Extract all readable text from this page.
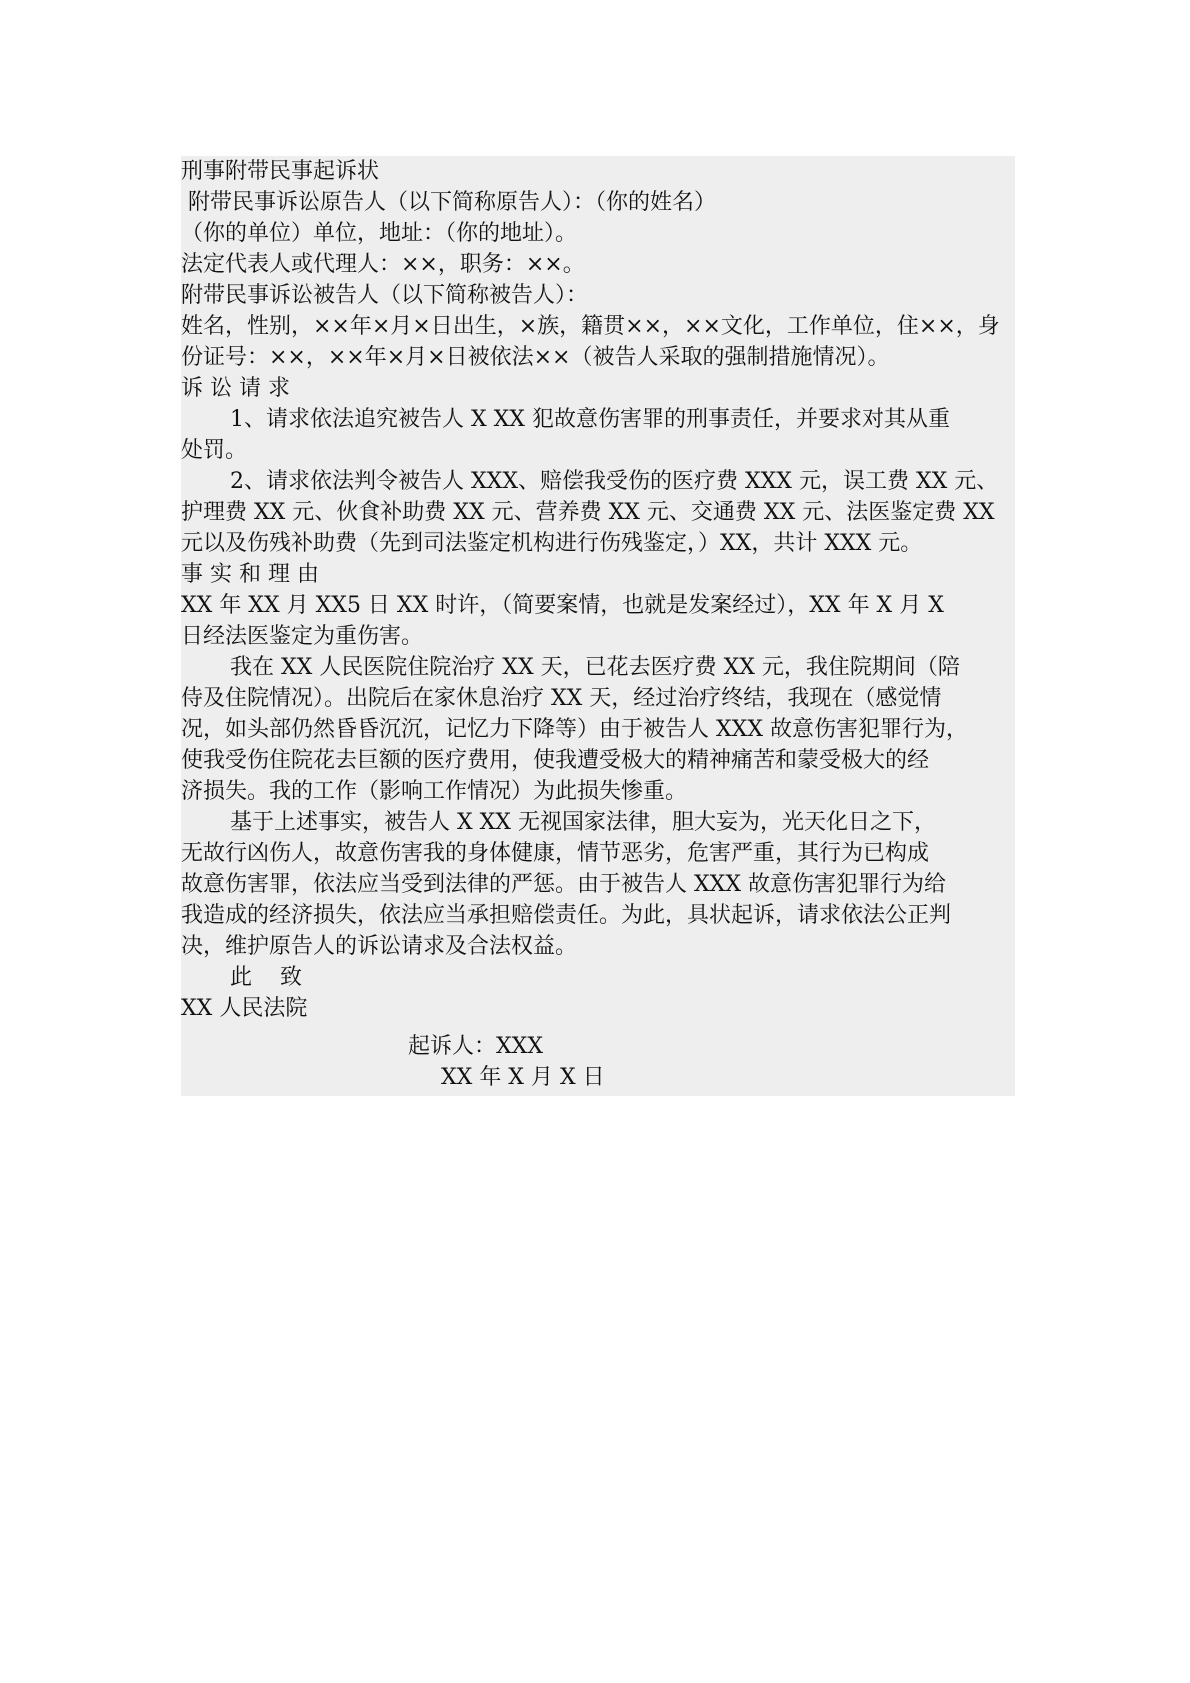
刑事附带民事起诉状
附带民事诉讼原告人（以下简称原告人）：（你的姓名）
（你的单位）单位，地址：（你的地址）。
法定代表人或代理人：××，职务：××。
附带民事诉讼被告人（以下简称被告人）：
姓名，性别，××年×月×日出生，×族，籍贯××，××文化，工作单位，住××，身
份证号：××，××年×月×日被依法××（被告人采取的强制措施情况）。
诉 讼 请 求
1、请求依法追究被告人 X XX 犯故意伤害罪的刑事责任，并要求对其从重
处罚。
2、请求依法判令被告人 XXX、赔偿我受伤的医疗费 XXX 元，误工费 XX 元、
护理费 XX 元、伙食补助费 XX 元、营养费 XX 元、交通费 XX 元、法医鉴定费 XX
元以及伤残补助费（先到司法鉴定机构进行伤残鉴定，）XX，共计 XXX 元。
事 实 和 理 由
XX 年 XX 月 XX5 日 XX 时许，（简要案情，也就是发案经过），XX 年 X 月 X
日经法医鉴定为重伤害。
我在 XX 人民医院住院治疗 XX 天，已花去医疗费 XX 元，我住院期间（陪
侍及住院情况）。出院后在家休息治疗 XX 天，经过治疗终结，我现在（感觉情
况，如头部仍然昏昏沉沉，记忆力下降等）由于被告人 XXX 故意伤害犯罪行为，
使我受伤住院花去巨额的医疗费用，使我遭受极大的精神痛苦和蒙受极大的经
济损失。我的工作（影响工作情况）为此损失惨重。
基于上述事实，被告人 X XX 无视国家法律，胆大妄为，光天化日之下，
无故行凶伤人，故意伤害我的身体健康，情节恶劣，危害严重，其行为已构成
故意伤害罪，依法应当受到法律的严惩。由于被告人 XXX 故意伤害犯罪行为给
我造成的经济损失，依法应当承担赔偿责任。为此，具状起诉，请求依法公正判
决，维护原告人的诉讼请求及合法权益。
此    致
XX 人民法院
起诉人：XXX
XX 年 X 月 X 日
